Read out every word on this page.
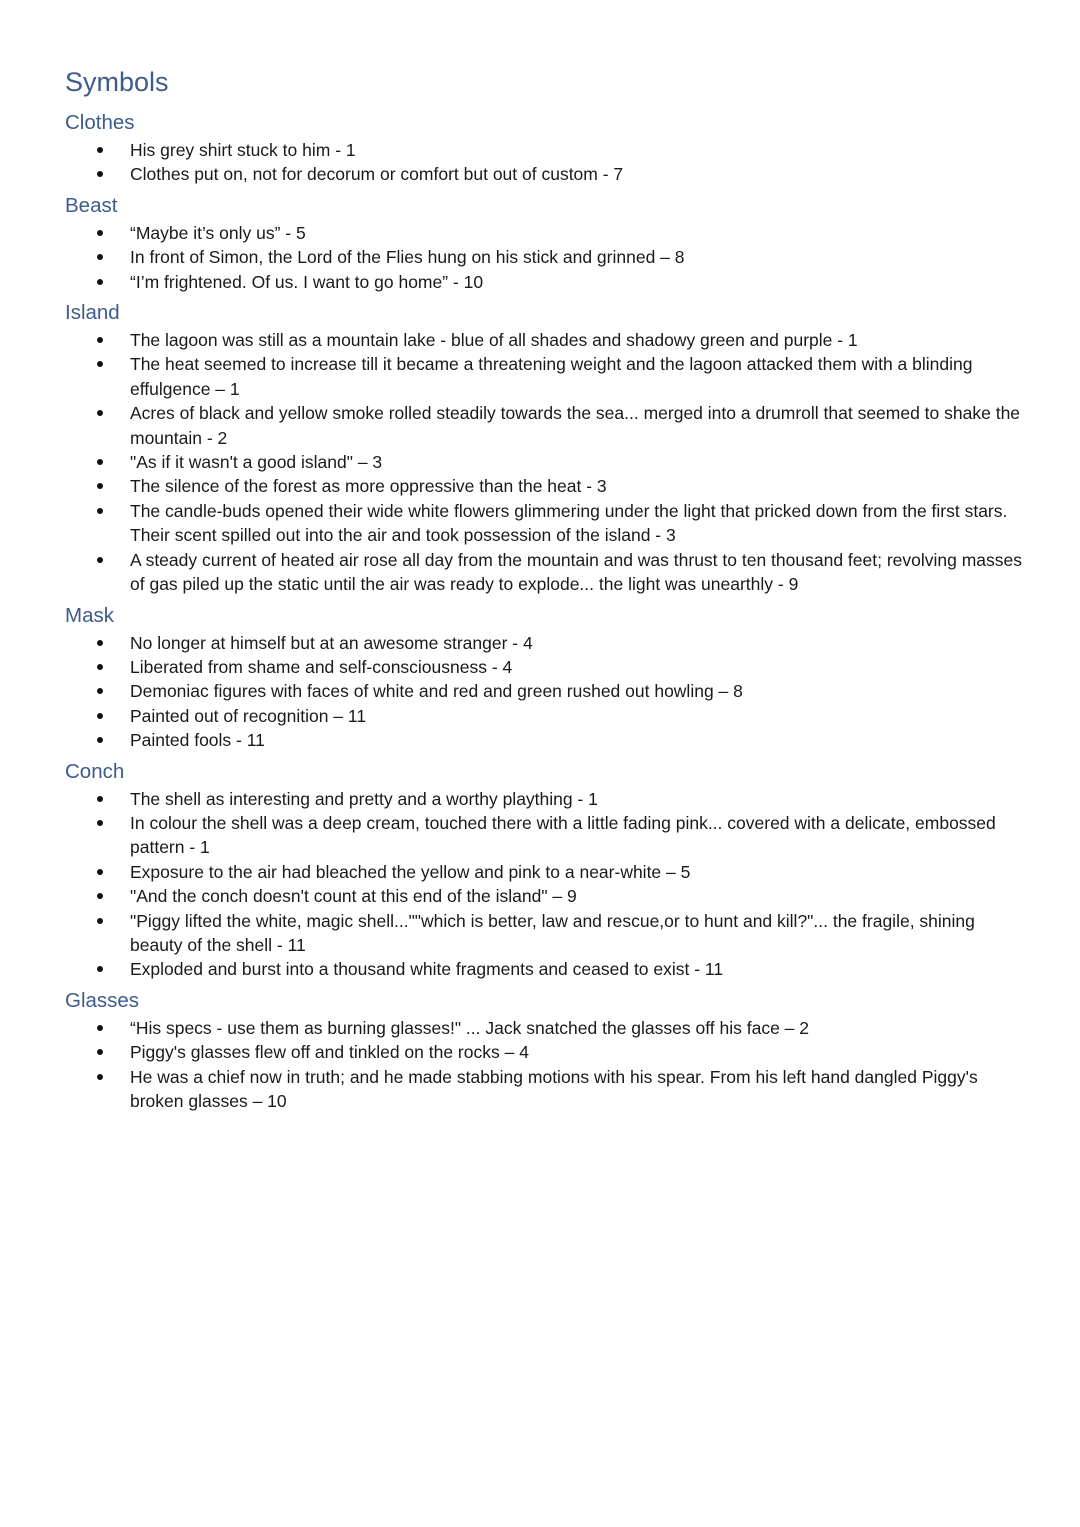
Symbols
Clothes
His grey shirt stuck to him - 1
Clothes put on, not for decorum or comfort but out of custom - 7
Beast
“Maybe it’s only us” - 5
In front of Simon, the Lord of the Flies hung on his stick and grinned – 8
“I’m frightened. Of us. I want to go home” - 10
Island
The lagoon was still as a mountain lake - blue of all shades and shadowy green and purple - 1
The heat seemed to increase till it became a threatening weight and the lagoon attacked them with a blinding effulgence – 1
Acres of black and yellow smoke rolled steadily towards the sea... merged into a drumroll that seemed to shake the mountain - 2
"As if it wasn't a good island" – 3
The silence of the forest as more oppressive than the heat - 3
The candle-buds opened their wide white flowers glimmering under the light that pricked down from the first stars. Their scent spilled out into the air and took possession of the island - 3
A steady current of heated air rose all day from the mountain and was thrust to ten thousand feet; revolving masses of gas piled up the static until the air was ready to explode... the light was unearthly - 9
Mask
No longer at himself but at an awesome stranger - 4
Liberated from shame and self-consciousness - 4
Demoniac figures with faces of white and red and green rushed out howling – 8
Painted out of recognition – 11
Painted fools - 11
Conch
The shell as interesting and pretty and a worthy plaything - 1
In colour the shell was a deep cream, touched there with a little fading pink... covered with a delicate, embossed pattern - 1
Exposure to the air had bleached the yellow and pink to a near-white – 5
"And the conch doesn't count at this end of the island" – 9
"Piggy lifted the white, magic shell...""which is better, law and rescue,or to hunt and kill?"... the fragile, shining beauty of the shell - 11
Exploded and burst into a thousand white fragments and ceased to exist - 11
Glasses
“His specs - use them as burning glasses!" ... Jack snatched the glasses off his face – 2
Piggy's glasses flew off and tinkled on the rocks – 4
He was a chief now in truth; and he made stabbing motions with his spear. From his left hand dangled Piggy's broken glasses – 10
